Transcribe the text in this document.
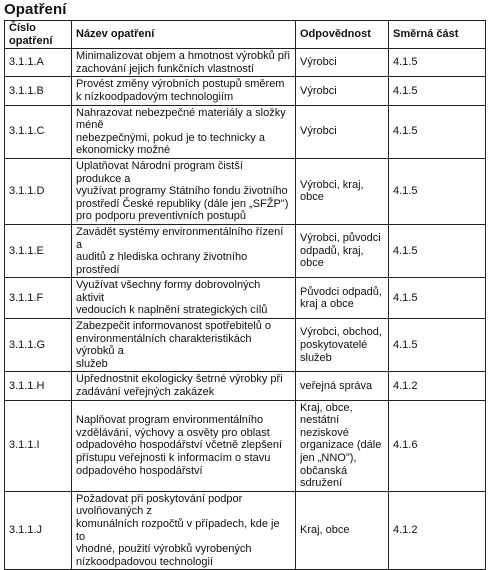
Opatření
Číslo
opatření	Název opatření	Odpovědnost	Směrná část
3.1.1.A	Minimalizovat objem a hmotnost výrobků při
zachování jejich funkčních vlastností	Výrobci	4.1.5
3.1.1.B	Provést změny výrobních postupů směrem
k nízkoodpadovým technologiím	Výrobci	4.1.5
3.1.1.C	Nahrazovat nebezpečné materiály a složky méně
nebezpečnými, pokud je to technicky a
ekonomicky možné	Výrobci	4.1.5
3.1.1.D	Uplatňovat Národní program čistší produkce a
využívat programy Státního fondu životního
prostředí České republiky (dále jen „SFŽP")
pro podporu preventivních postupů	Výrobci, kraj, obce	4.1.5
3.1.1.E	Zavádět systémy environmentálního řízení a
auditů z hlediska ochrany životního prostředí	Výrobci, původci
odpadů, kraj, obce	4.1.5
3.1.1.F	Využívat všechny formy dobrovolných aktivit
vedoucích k naplnění strategických cílů	Původci odpadů,
kraj a obce	4.1.5
3.1.1.G	Zabezpečit informovanost spotřebitelů o
environmentálních charakteristikách výrobků a
služeb	Výrobci, obchod,
poskytovatelé
služeb	4.1.5
3.1.1.H	Upřednostnit ekologicky šetrné výrobky při
zadávání veřejných zakázek	veřejná správa	4.1.2
3.1.1.I	Naplňovat program environmentálního
vzdělávání, výchovy a osvěty pro oblast
odpadového hospodářství včetně zlepšení
přístupu veřejnosti k informacím o stavu
odpadového hospodářství	Kraj, obce, nestátní
neziskové
organizace (dále
jen „NNO"),
občanská sdružení	4.1.6
3.1.1.J	Požadovat při poskytování podpor uvolňovaných z
komunálních rozpočtů v případech, kde je to
vhodné, použití výrobků vyrobených
nízkoodpadovou technologií	Kraj, obce	4.1.2
